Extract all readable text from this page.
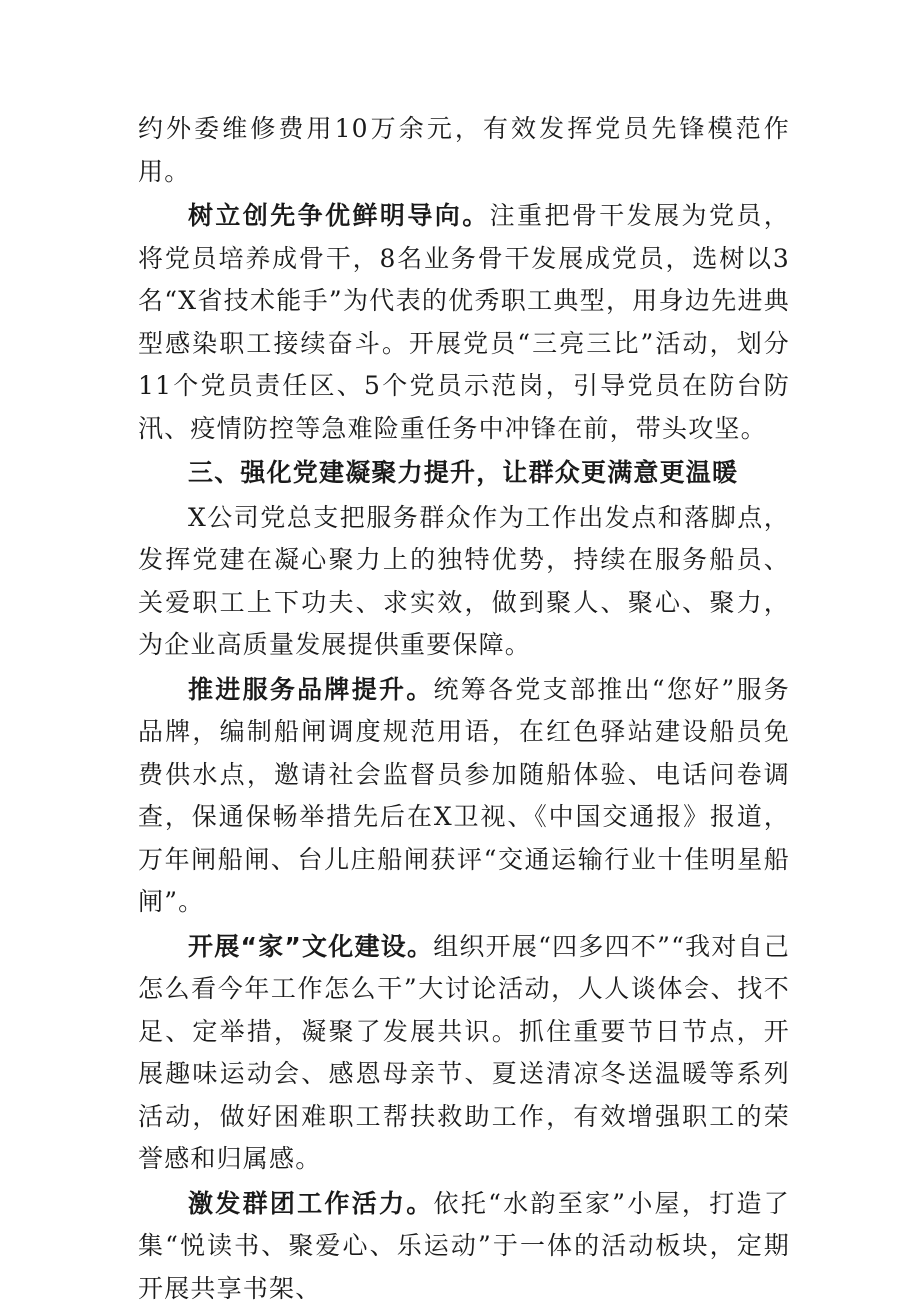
约外委维修费用10万余元，有效发挥党员先锋模范作用。

树立创先争优鲜明导向。注重把骨干发展为党员，将党员培养成骨干，8名业务骨干发展成党员，选树以3名“X省技术能手”为代表的优秀职工典型，用身边先进典型感染职工接续奋斗。开展党员“三亮三比”活动，划分11个党员责任区、5个党员示范岗，引导党员在防台防汛、疫情防控等急难险重任务中冲锋在前，带头攻坚。

三、强化党建凝聚力提升，让群众更满意更温暖

X公司党总支把服务群众作为工作出发点和落脚点，发挥党建在凝心聚力上的独特优势，持续在服务船员、关爱职工上下功夫、求实效，做到聚人、聚心、聚力，为企业高质量发展提供重要保障。

推进服务品牌提升。统筹各党支部推出“您好”服务品牌，编制船闸调度规范用语，在红色驿站建设船员免费供水点，邀请社会监督员参加随船体验、电话问卷调查，保通保畅举措先后在X卫视、《中国交通报》报道，万年闸船闸、台儿庄船闸获评“交通运输行业十佳明星船闸”。

开展“家”文化建设。组织开展“四多四不”“我对自己怎么看今年工作怎么干”大讨论活动，人人谈体会、找不足、定举措，凝聚了发展共识。抓住重要节日节点，开展趣味运动会、感恩母亲节、夏送清凉冬送温暖等系列活动，做好困难职工帮扶救助工作，有效增强职工的荣誉感和归属感。

激发群团工作活力。依托“水韵至家”小屋，打造了集“悦读书、聚爱心、乐运动”于一体的活动板块，定期开展共享书架、
